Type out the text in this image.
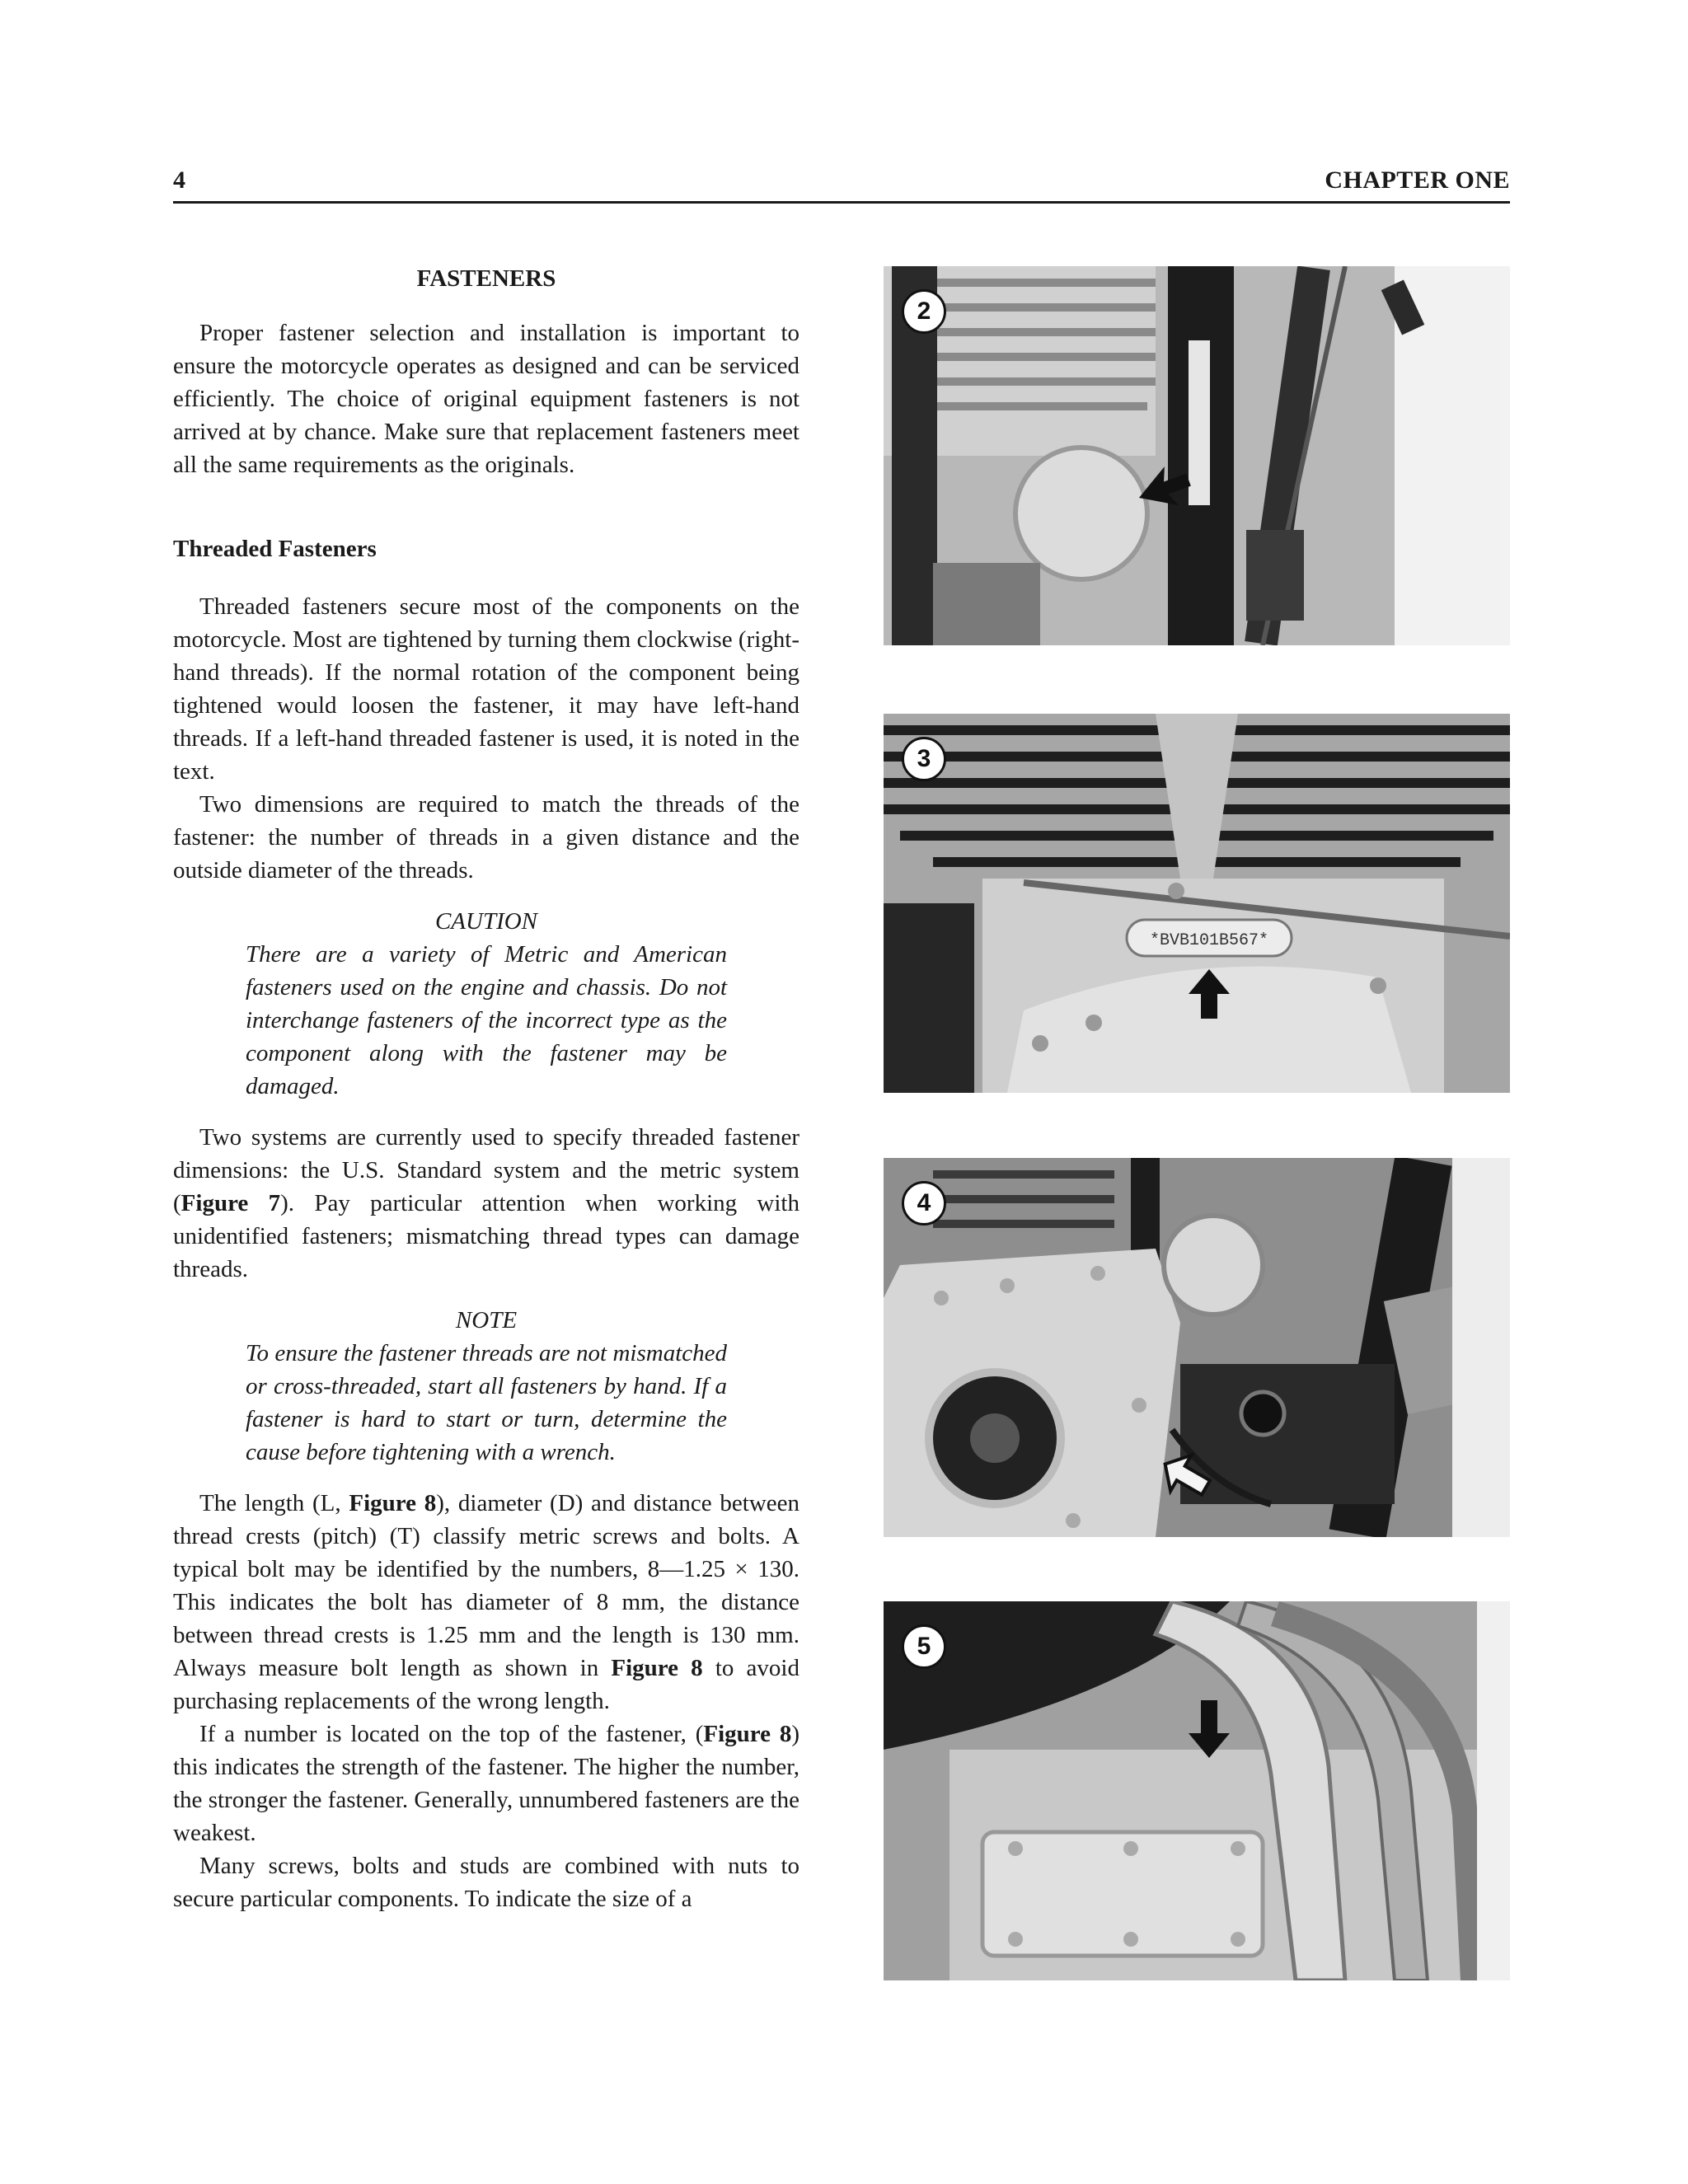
4	CHAPTER ONE
FASTENERS

Proper fastener selection and installation is important to ensure the motorcycle operates as designed and can be serviced efficiently. The choice of original equipment fasteners is not arrived at by chance. Make sure that replacement fasteners meet all the same requirements as the originals.

Threaded Fasteners

Threaded fasteners secure most of the components on the motorcycle. Most are tightened by turning them clockwise (right-hand threads). If the normal rotation of the component being tightened would loosen the fastener, it may have left-hand threads. If a left-hand threaded fastener is used, it is noted in the text.

Two dimensions are required to match the threads of the fastener: the number of threads in a given distance and the outside diameter of the threads.

CAUTION

There are a variety of Metric and American fasteners used on the engine and chassis. Do not interchange fasteners of the incorrect type as the component along with the fastener may be damaged.

Two systems are currently used to specify threaded fastener dimensions: the U.S. Standard system and the metric system (Figure 7). Pay particular attention when working with unidentified fasteners; mismatching thread types can damage threads.

NOTE

To ensure the fastener threads are not mismatched or cross-threaded, start all fasteners by hand. If a fastener is hard to start or turn, determine the cause before tightening with a wrench.

The length (L, Figure 8), diameter (D) and distance between thread crests (pitch) (T) classify metric screws and bolts. A typical bolt may be identified by the numbers, 8—1.25 × 130. This indicates the bolt has diameter of 8 mm, the distance between thread crests is 1.25 mm and the length is 130 mm. Always measure bolt length as shown in Figure 8 to avoid purchasing replacements of the wrong length.

If a number is located on the top of the fastener, (Figure 8) this indicates the strength of the fastener. The higher the number, the stronger the fastener. Generally, unnumbered fasteners are the weakest.

Many screws, bolts and studs are combined with nuts to secure particular components. To indicate the size of a

2
*BVB101B567*
3
4
5
